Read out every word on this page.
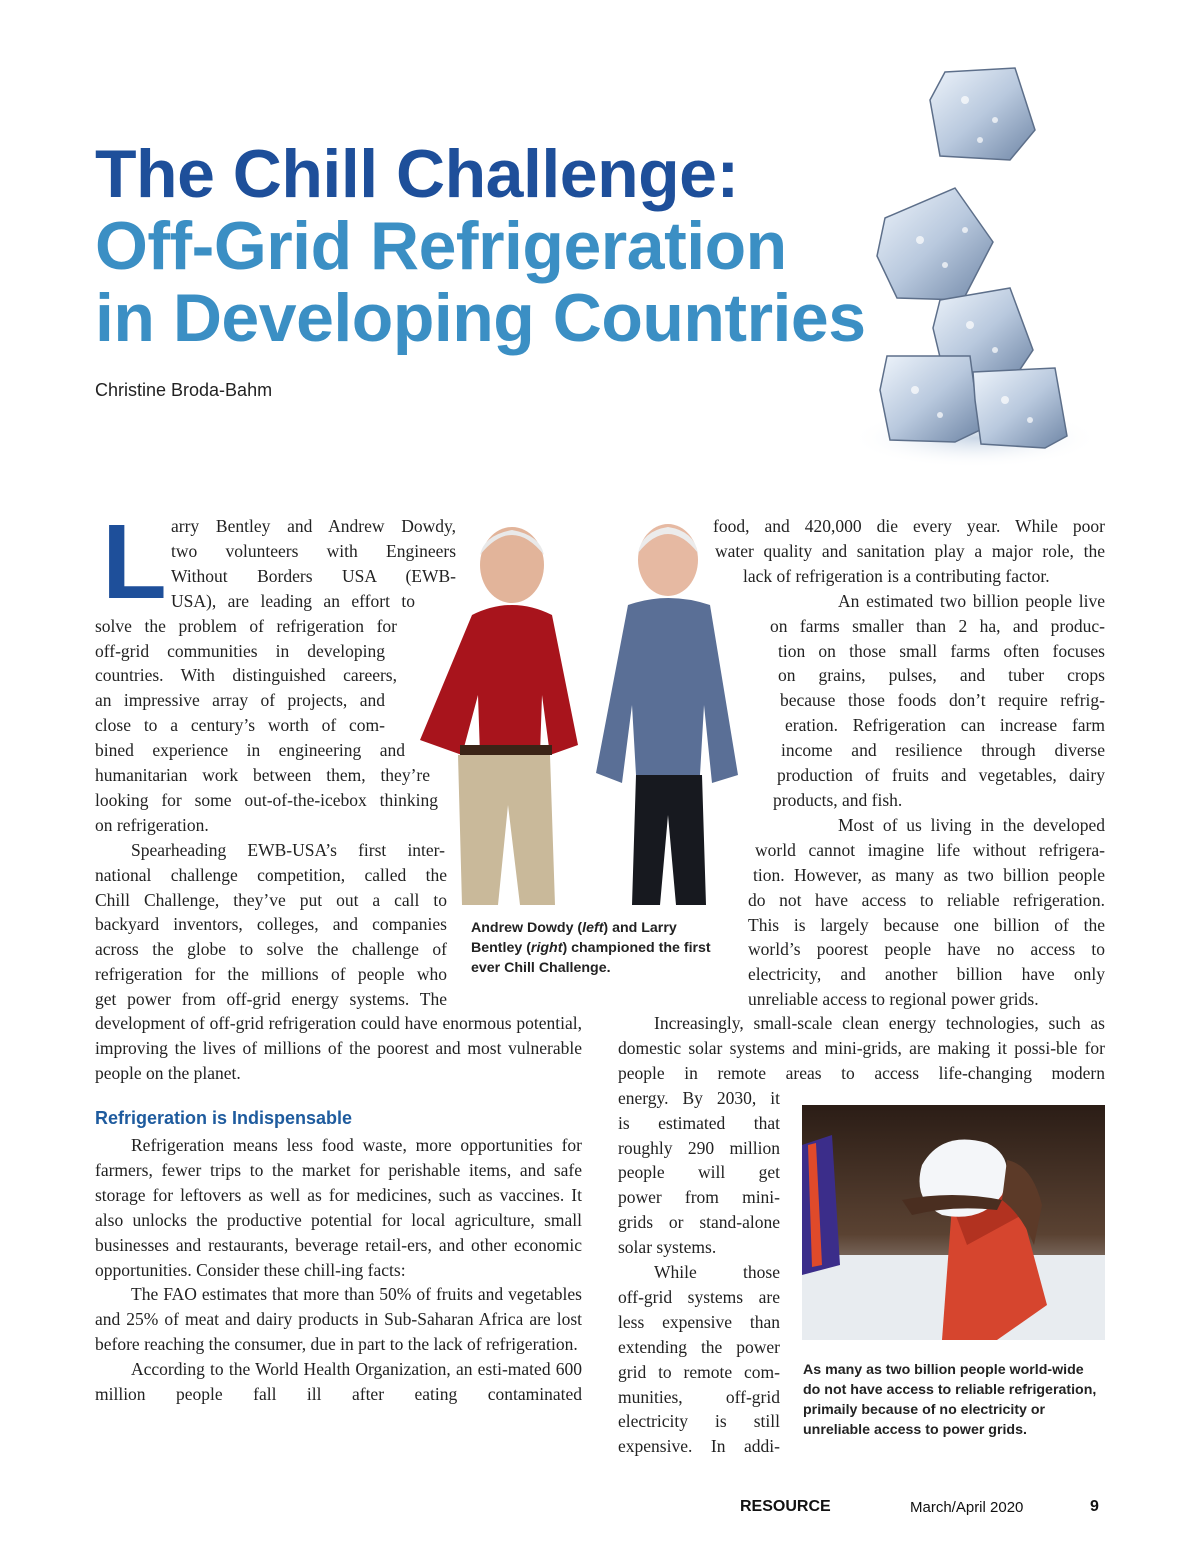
The Chill Challenge:
Off-Grid Refrigeration
in Developing Countries
Christine Broda-Bahm
L arry Bentley and Andrew Dowdy,
two volunteers with Engineers
Without Borders USA (EWB-
USA), are leading an effort to
solve the problem of refrigeration for
off-grid communities in developing
countries. With distinguished careers,
an impressive array of projects, and
close to a century’s worth of com-
bined experience in engineering and
humanitarian work between them, they’re
looking for some out-of-the-icebox thinking
on refrigeration.
Spearheading EWB-USA’s first inter-
national challenge competition, called the
Chill Challenge, they’ve put out a call to
backyard inventors, colleges, and companies
across the globe to solve the challenge of
refrigeration for the millions of people who
get power from off-grid energy systems. The

development of off-grid refrigeration could have enormous potential, improving the lives of millions of the poorest and most vulnerable people on the planet.

Refrigeration is Indispensable

Refrigeration means less food waste, more opportunities for farmers, fewer trips to the market for perishable items, and safe storage for leftovers as well as for medicines, such as vaccines. It also unlocks the productive potential for local agriculture, small businesses and restaurants, beverage retail-ers, and other economic opportunities. Consider these chill-ing facts:

The FAO estimates that more than 50% of fruits and vegetables and 25% of meat and dairy products in Sub-Saharan Africa are lost before reaching the consumer, due in part to the lack of refrigeration.

According to the World Health Organization, an esti-mated 600 million people fall ill after eating contaminated

Andrew Dowdy (left) and Larry Bentley (right) championed the first ever Chill Challenge.
food, and 420,000 die every year. While poor
water quality and sanitation play a major role, the
lack of refrigeration is a contributing factor.
An estimated two billion people live
on farms smaller than 2 ha, and produc-
tion on those small farms often focuses
on grains, pulses, and tuber crops
because those foods don’t require refrig-
eration. Refrigeration can increase farm
income and resilience through diverse
production of fruits and vegetables, dairy
products, and fish.
Most of us living in the developed
world cannot imagine life without refrigera-
tion. However, as many as two billion people
do not have access to reliable refrigeration.
This is largely because one billion of the
world’s poorest people have no access to
electricity, and another billion have only
unreliable access to regional power grids.

Increasingly, small-scale clean energy technologies, such as domestic solar systems and mini-grids, are making it possi-ble for people in remote areas to access life-changing modern

energy. By 2030, it
is estimated that
roughly 290 million
people will get
power from mini-
grids or stand-alone
solar systems.
While those
off-grid systems are
less expensive than
extending the power
grid to remote com-
munities, off-grid
electricity is still
expensive. In addi-
As many as two billion people world-wide do not have access to reliable refrigeration, primaily because of no electricity or unreliable access to power grids.
RESOURCE	March/April 2020	9
